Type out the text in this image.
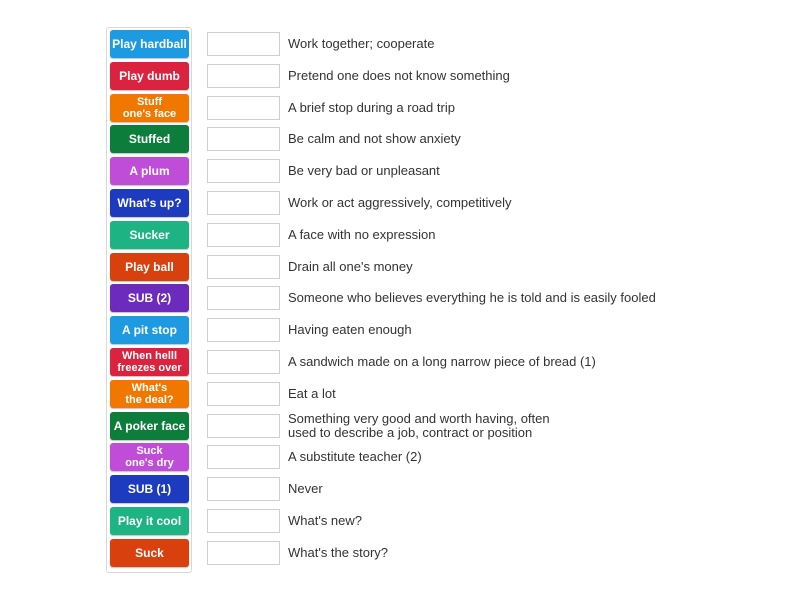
Play hardball
Play dumb
Stuff
one's face
Stuffed
A plum
What's up?
Sucker
Play ball
SUB (2)
A pit stop
When helll
freezes over
What's
the deal?
A poker face
Suck
one's dry
SUB (1)
Play it cool
Suck
Work together; cooperate
Pretend one does not know something
A brief stop during a road trip
Be calm and not show anxiety
Be very bad or unpleasant
Work or act aggressively, competitively
A face with no expression
Drain all one's money
Someone who believes everything he is told and is easily fooled
Having eaten enough
A sandwich made on a long narrow piece of bread (1)
Eat a lot
Something very good and worth having, often
used to describe a job, contract or position
A substitute teacher (2)
Never
What's new?
What's the story?
